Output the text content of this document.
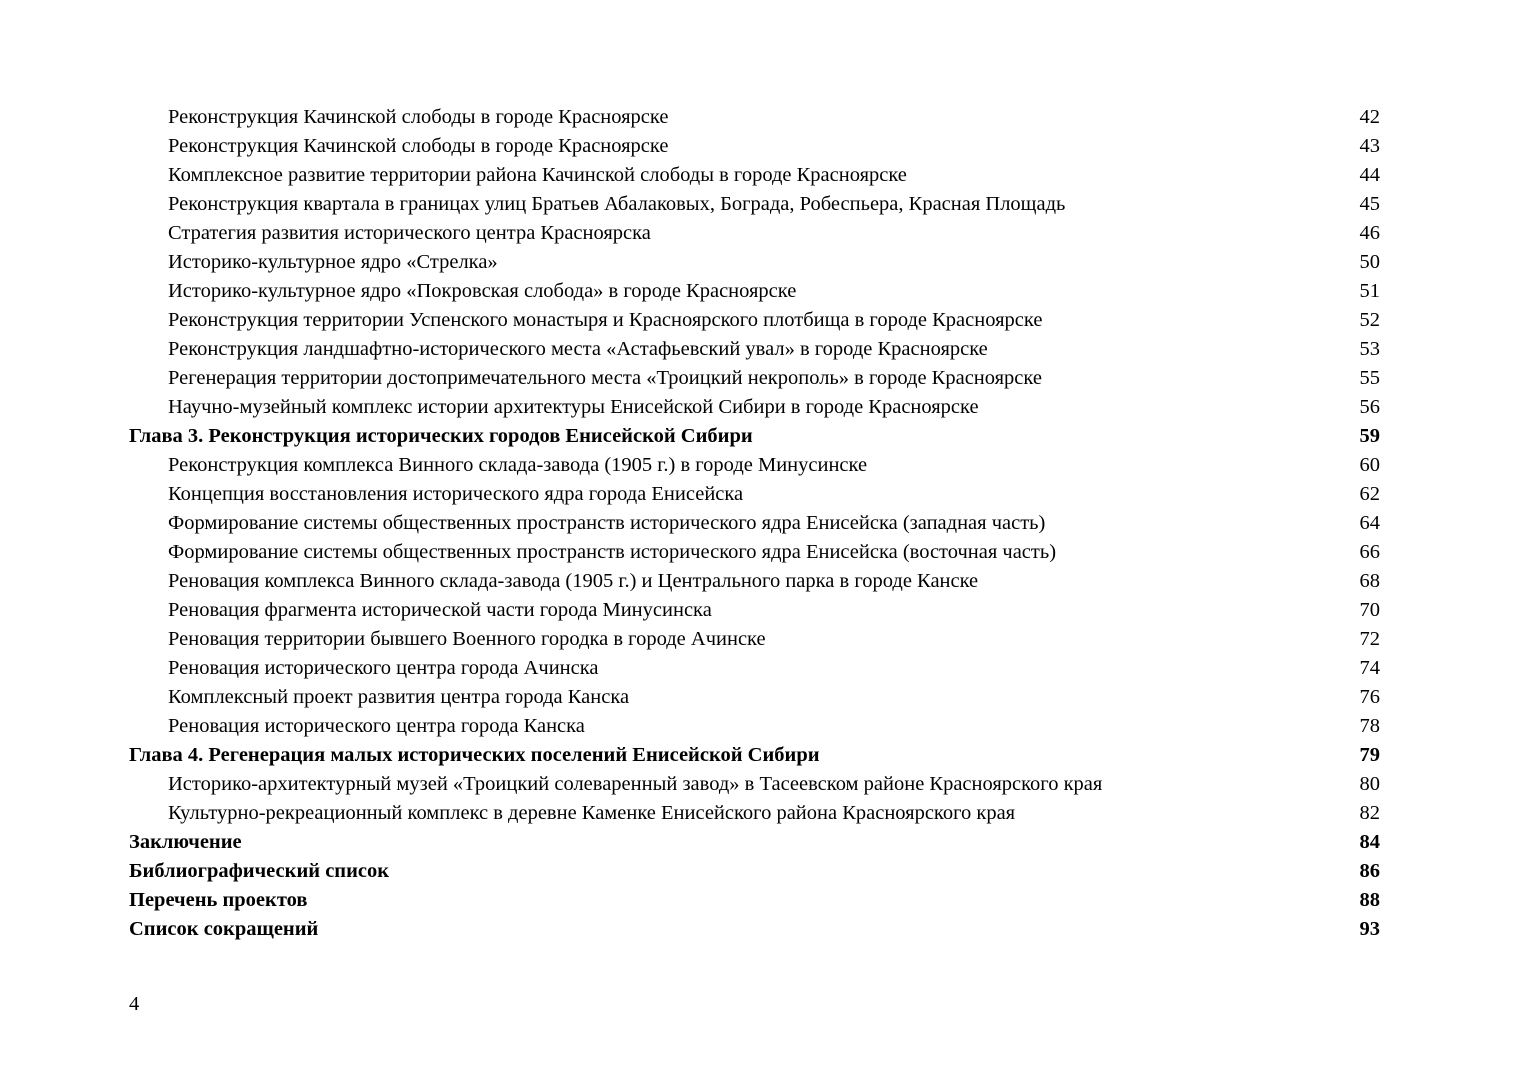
Реконструкция Качинской слободы в городе Красноярске	42
Реконструкция Качинской слободы в городе Красноярске	43
Комплексное развитие территории района Качинской слободы в городе Красноярске	44
Реконструкция квартала в границах улиц Братьев Абалаковых, Бограда, Робеспьера, Красная Площадь	45
Стратегия развития исторического центра Красноярска	46
Историко-культурное ядро «Стрелка»	50
Историко-культурное ядро «Покровская слобода» в городе Красноярске	51
Реконструкция территории Успенского монастыря и Красноярского плотбища в городе Красноярске	52
Реконструкция ландшафтно-исторического места «Астафьевский увал» в городе Красноярске	53
Регенерация территории достопримечательного места «Троицкий некрополь» в городе Красноярске	55
Научно-музейный комплекс истории архитектуры Енисейской Сибири в городе Красноярске	56
Глава 3. Реконструкция исторических городов Енисейской Сибири	59
Реконструкция комплекса Винного склада-завода (1905 г.) в городе Минусинске	60
Концепция восстановления исторического ядра города Енисейска	62
Формирование системы общественных пространств исторического ядра Енисейска (западная часть)	64
Формирование системы общественных пространств исторического ядра Енисейска (восточная часть)	66
Реновация комплекса Винного склада-завода (1905 г.) и Центрального парка в городе Канске	68
Реновация фрагмента исторической части города Минусинска	70
Реновация территории бывшего Военного городка в городе Ачинске	72
Реновация исторического центра города Ачинска	74
Комплексный проект развития центра города Канска	76
Реновация исторического центра города Канска	78
Глава 4. Регенерация малых исторических поселений Енисейской Сибири	79
Историко-архитектурный музей «Троицкий солеваренный завод» в Тасеевском районе Красноярского края	80
Культурно-рекреационный комплекс в деревне Каменке Енисейского района Красноярского края	82
Заключение	84
Библиографический список	86
Перечень проектов	88
Список сокращений	93
4
